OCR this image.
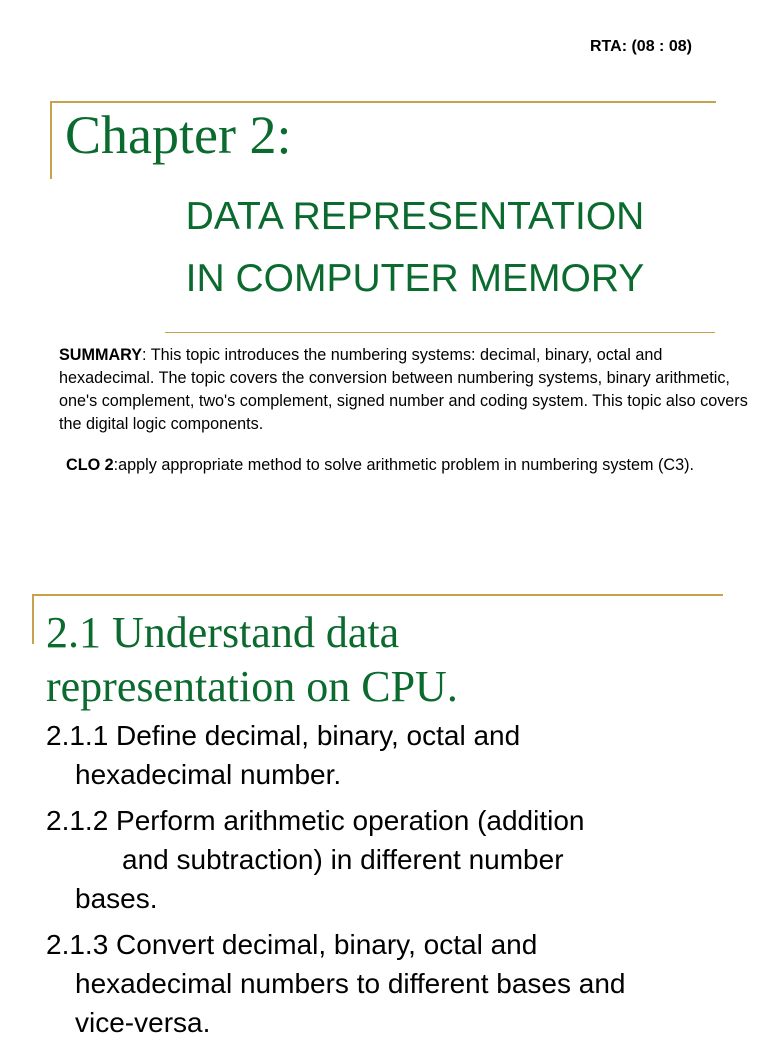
RTA: (08 : 08)
Chapter 2:
DATA REPRESENTATION
IN COMPUTER MEMORY
SUMMARY: This topic introduces the numbering systems: decimal, binary, octal and hexadecimal. The topic covers the conversion between numbering systems, binary arithmetic, one's complement, two's complement, signed number and coding system. This topic also covers the digital logic components.
CLO 2:apply appropriate method to solve arithmetic problem in numbering system (C3).
2.1 Understand data representation on CPU.
2.1.1 Define decimal, binary, octal and
hexadecimal number.
2.1.2 Perform arithmetic operation (addition
and subtraction) in different number
bases.
2.1.3 Convert decimal, binary, octal and
hexadecimal numbers to different bases and
vice-versa.
